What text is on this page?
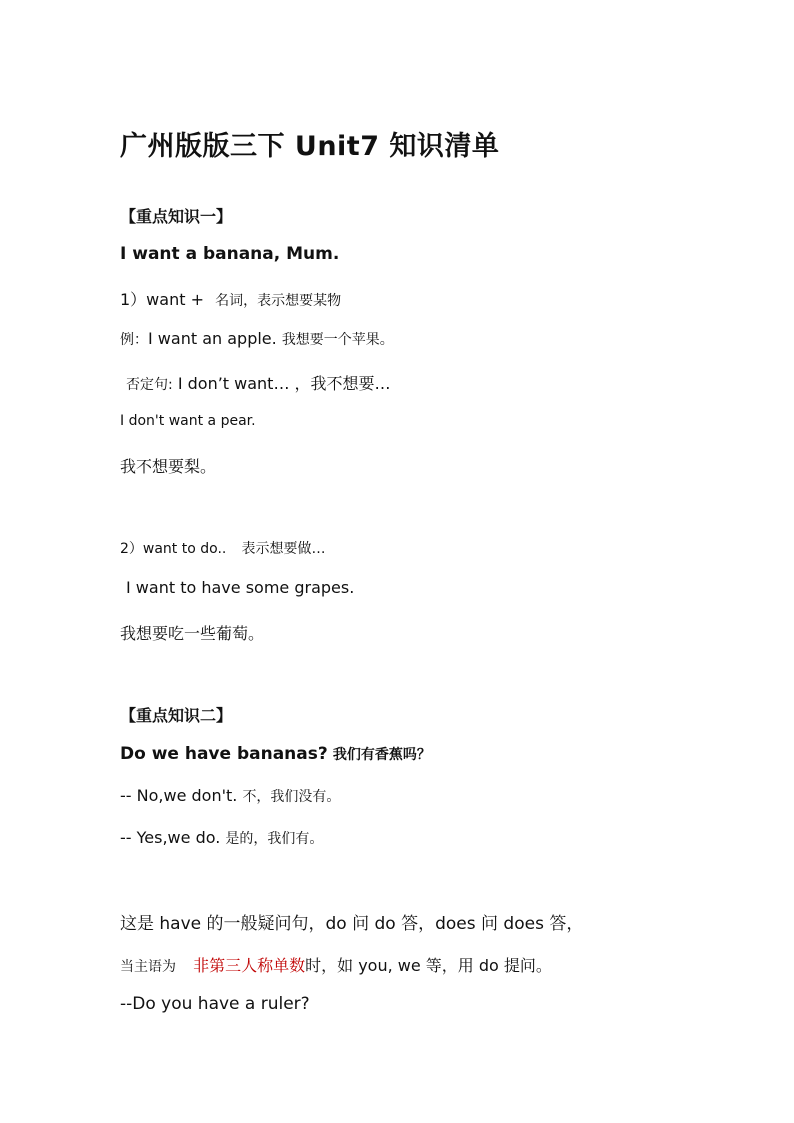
广州版版三下 Unit7 知识清单
【重点知识一】
I want a banana, Mum.
1）want + 名词，表示想要某物
例：I want an apple. 我想要一个苹果。
否定句: I don’t want… ，我不想要…
I don't want a pear.
我不想要梨。
2）want to do.. 表示想要做…
I want to have some grapes.
我想要吃一些葡萄。
【重点知识二】
Do we have bananas? 我们有香蕉吗？
-- No,we don't. 不，我们没有。
-- Yes,we do. 是的，我们有。
这是 have 的一般疑问句，do 问 do 答，does 问 does 答，
当主语为 非第三人称单数时，如 you, we 等，用 do 提问。
--Do you have a ruler?
